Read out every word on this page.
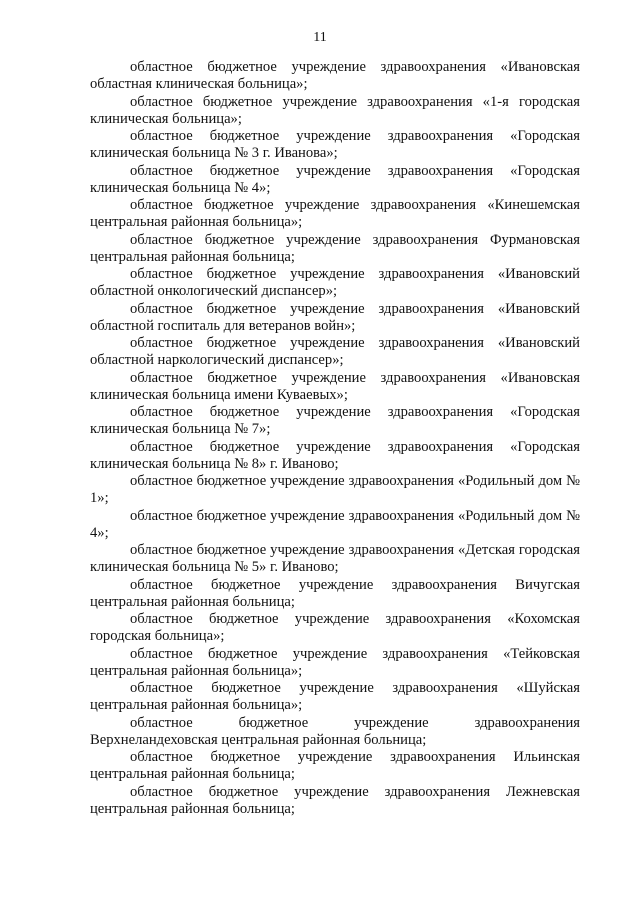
11

областное бюджетное учреждение здравоохранения «Ивановская областная клиническая больница»;

областное бюджетное учреждение здравоохранения «1-я городская клиническая больница»;

областное бюджетное учреждение здравоохранения «Городская клиническая больница № 3 г. Иванова»;

областное бюджетное учреждение здравоохранения «Городская клиническая больница № 4»;

областное бюджетное учреждение здравоохранения «Кинешемская центральная районная больница»;

областное бюджетное учреждение здравоохранения Фурмановская центральная районная больница;

областное бюджетное учреждение здравоохранения «Ивановский областной онкологический диспансер»;

областное бюджетное учреждение здравоохранения «Ивановский областной госпиталь для ветеранов войн»;

областное бюджетное учреждение здравоохранения «Ивановский областной наркологический диспансер»;

областное бюджетное учреждение здравоохранения «Ивановская клиническая больница имени Куваевых»;

областное бюджетное учреждение здравоохранения «Городская клиническая больница № 7»;

областное бюджетное учреждение здравоохранения «Городская клиническая больница № 8» г. Иваново;

областное бюджетное учреждение здравоохранения «Родильный дом № 1»;

областное бюджетное учреждение здравоохранения «Родильный дом № 4»;

областное бюджетное учреждение здравоохранения «Детская городская клиническая больница № 5» г. Иваново;

областное бюджетное учреждение здравоохранения Вичугская центральная районная больница;

областное бюджетное учреждение здравоохранения «Кохомская городская больница»;

областное бюджетное учреждение здравоохранения «Тейковская центральная районная больница»;

областное бюджетное учреждение здравоохранения «Шуйская центральная районная больница»;

областное бюджетное учреждение здравоохранения Верхнеландеховская центральная районная больница;

областное бюджетное учреждение здравоохранения Ильинская центральная районная больница;

областное бюджетное учреждение здравоохранения Лежневская центральная районная больница;
